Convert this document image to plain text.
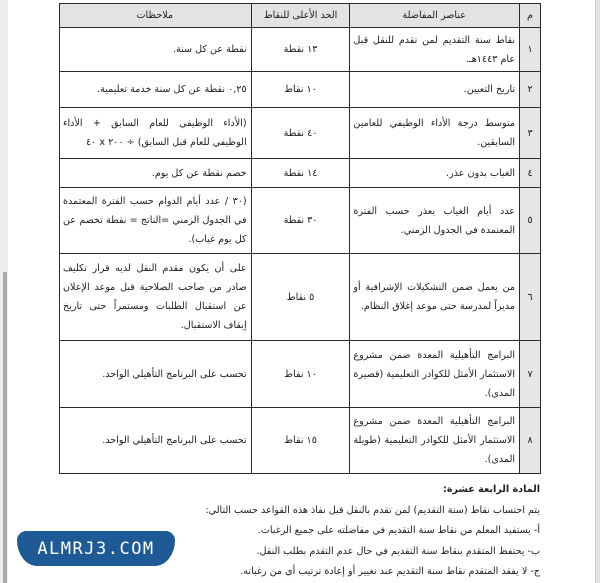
م	عناصر المفاضلة	الحد الأعلى للنقاط	ملاحظات
١	نقاط سنة التقديم لمن تقدم للنقل قبل عام ١٤٤٣هـ.	١٣ نقطة	نقطة عن كل سنة.
٢	تاريخ التعيين.	١٠ نقاط	٠,٢٥ نقطة عن كل سنة خدمة تعليمية.
٣	متوسط درجة الأداء الوظيفي للعامين السابقين.	٤٠ نقطة	(الأداء الوظيفي للعام السابق + الأداء الوظيفي للعام قبل السابق) ÷ ٢٠٠ x ٤٠
٤	الغياب بدون عذر.	١٤ نقطة	خصم نقطة عن كل يوم.
٥	عدد أيام الغياب بعذر حسب الفترة المعتمدة في الجدول الزمني.	٣٠ نقطة	(٣٠ / عدد أيام الدوام حسب الفترة المعتمدة في الجدول الزمني =الناتج = نقطة تخصم عن كل يوم غياب).
٦	من يعمل ضمن التشكيلات الإشرافية أو مديراً لمدرسة حتى موعد إغلاق النظام.	٥ نقاط	على أن يكون مقدم النقل لديه قرار تكليف صادر من صاحب الصلاحية قبل موعد الإعلان عن استقبال الطلبات ومستمراً حتى تاريخ إيقاف الاستقبال.
٧	البرامج التأهيلية المعدة ضمن مشروع الاستثمار الأمثل للكوادر التعليمية (قصيرة المدى).	١٠ نقاط	تحسب على البرنامج التأهيلي الواحد.
٨	البرامج التأهيلية المعدة ضمن مشروع الاستثمار الأمثل للكوادر التعليمية (طويلة المدى).	١٥ نقاط	تحسب على البرنامج التأهيلي الواحد.
المادة الرابعة عشرة:
يتم احتساب نقاط (سنة التقديم) لمن تقدم بالنقل قبل نفاذ هذه القواعد حسب التالي:
أ- يستفيد المعلم من نقاط سنة التقديم في مفاضلته على جميع الرغبات.
ب- يحتفظ المتقدم بنقاط سنة التقديم في حال عدم التقدم بطلب النقل.
ج- لا يفقد المتقدم نقاط سنة التقديم عند تغيير أو إعادة ترتيب أي من رغباته.
ALMRJ3.COM
